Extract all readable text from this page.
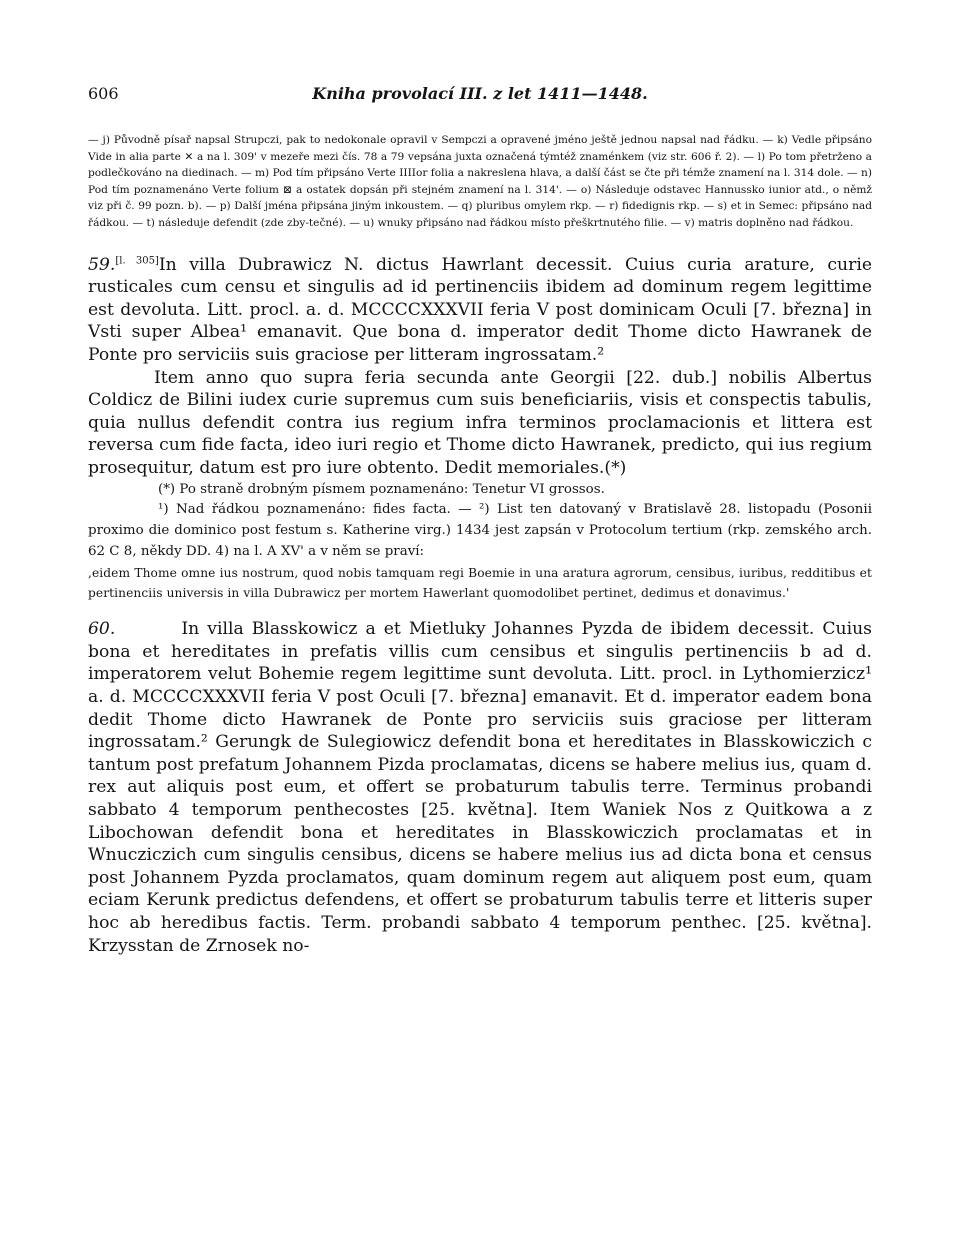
606	Kniha provolací III. z let 1411—1448.

— j) Původně písař napsal Strupczi, pak to nedokonale opravil v Sempczi a opravené jméno ještě jednou napsal nad řádku. — k) Vedle připsáno Vide in alia parte ✕ a na l. 309' v mezeře mezi čís. 78 a 79 vepsána juxta označená týmtéž znaménkem (viz str. 606 ř. 2). — l) Po tom přetrženo a podlečkováno na diedinach. — m) Pod tím připsáno Verte IIIIor folia a nakreslena hlava, a další část se čte při témže znamení na l. 314 dole. — n) Pod tím poznamenáno Verte folium ⊠ a ostatek dopsán při stejném znamení na l. 314'. — o) Následuje odstavec Hannussko iunior atd., o němž viz při č. 99 pozn. b). — p) Další jména připsána jiným inkoustem. — q) pluribus omylem rkp. — r) fidedignis rkp. — s) et in Semec: připsáno nad řádkou. — t) následuje defendit (zde zby-tečné). — u) wnuky připsáno nad řádkou místo přeškrtnutého filie. — v) matris doplněno nad řádkou.

59.[l. 305]In villa Dubrawicz N. dictus Hawrlant decessit. Cuius curia arature, curie rusticales cum censu et singulis ad id pertinenciis ibidem ad dominum regem legittime est devoluta. Litt. procl. a. d. MCCCCXXXVII feria V post dominicam Oculi [7. března] in Vsti super Albea¹ emanavit. Que bona d. imperator dedit Thome dicto Hawranek de Ponte pro serviciis suis graciose per litteram ingrossatam.²

Item anno quo supra feria secunda ante Georgii [22. dub.] nobilis Albertus Coldicz de Bilini iudex curie supremus cum suis beneficiariis, visis et conspectis tabulis, quia nullus defendit contra ius regium infra terminos proclamacionis et littera est reversa cum fide facta, ideo iuri regio et Thome dicto Hawranek, predicto, qui ius regium prosequitur, datum est pro iure obtento. Dedit memoriales.(*)

(*) Po straně drobným písmem poznamenáno: Tenetur VI grossos.

¹) Nad řádkou poznamenáno: fides facta. — ²) List ten datovaný v Bratislavě 28. listopadu (Posonii proximo die dominico post festum s. Katherine virg.) 1434 jest zapsán v Protocolum tertium (rkp. zemského arch. 62 C 8, někdy DD. 4) na l. A XV' a v něm se praví:

,eidem Thome omne ius nostrum, quod nobis tamquam regi Boemie in una aratura agrorum, censibus, iuribus, redditibus et pertinenciis universis in villa Dubrawicz per mortem Hawerlant quomodolibet pertinet, dedimus et donavimus.'

60.	In villa Blasskowicz a et Mietluky Johannes Pyzda de ibidem decessit. Cuius bona et hereditates in prefatis villis cum censibus et singulis pertinenciis b ad d. imperatorem velut Bohemie regem legittime sunt devoluta. Litt. procl. in Lythomierzicz¹ a. d. MCCCCXXXVII feria V post Oculi [7. března] emanavit. Et d. imperator eadem bona dedit Thome dicto Hawranek de Ponte pro serviciis suis graciose per litteram ingrossatam.² Gerungk de Sulegiowicz defendit bona et hereditates in Blasskowiczich c tantum post prefatum Johannem Pizda proclamatas, dicens se habere melius ius, quam d. rex aut aliquis post eum, et offert se probaturum tabulis terre. Terminus probandi sabbato 4 temporum penthecostes [25. května]. Item Waniek Nos z Quitkowa a z Libochowan defendit bona et hereditates in Blasskowiczich proclamatas et in Wnucziczich cum singulis censibus, dicens se habere melius ius ad dicta bona et census post Johannem Pyzda proclamatos, quam dominum regem aut aliquem post eum, quam eciam Kerunk predictus defendens, et offert se probaturum tabulis terre et litteris super hoc ab heredibus factis. Term. probandi sabbato 4 temporum penthec. [25. května]. Krzysstan de Zrnosek no-
